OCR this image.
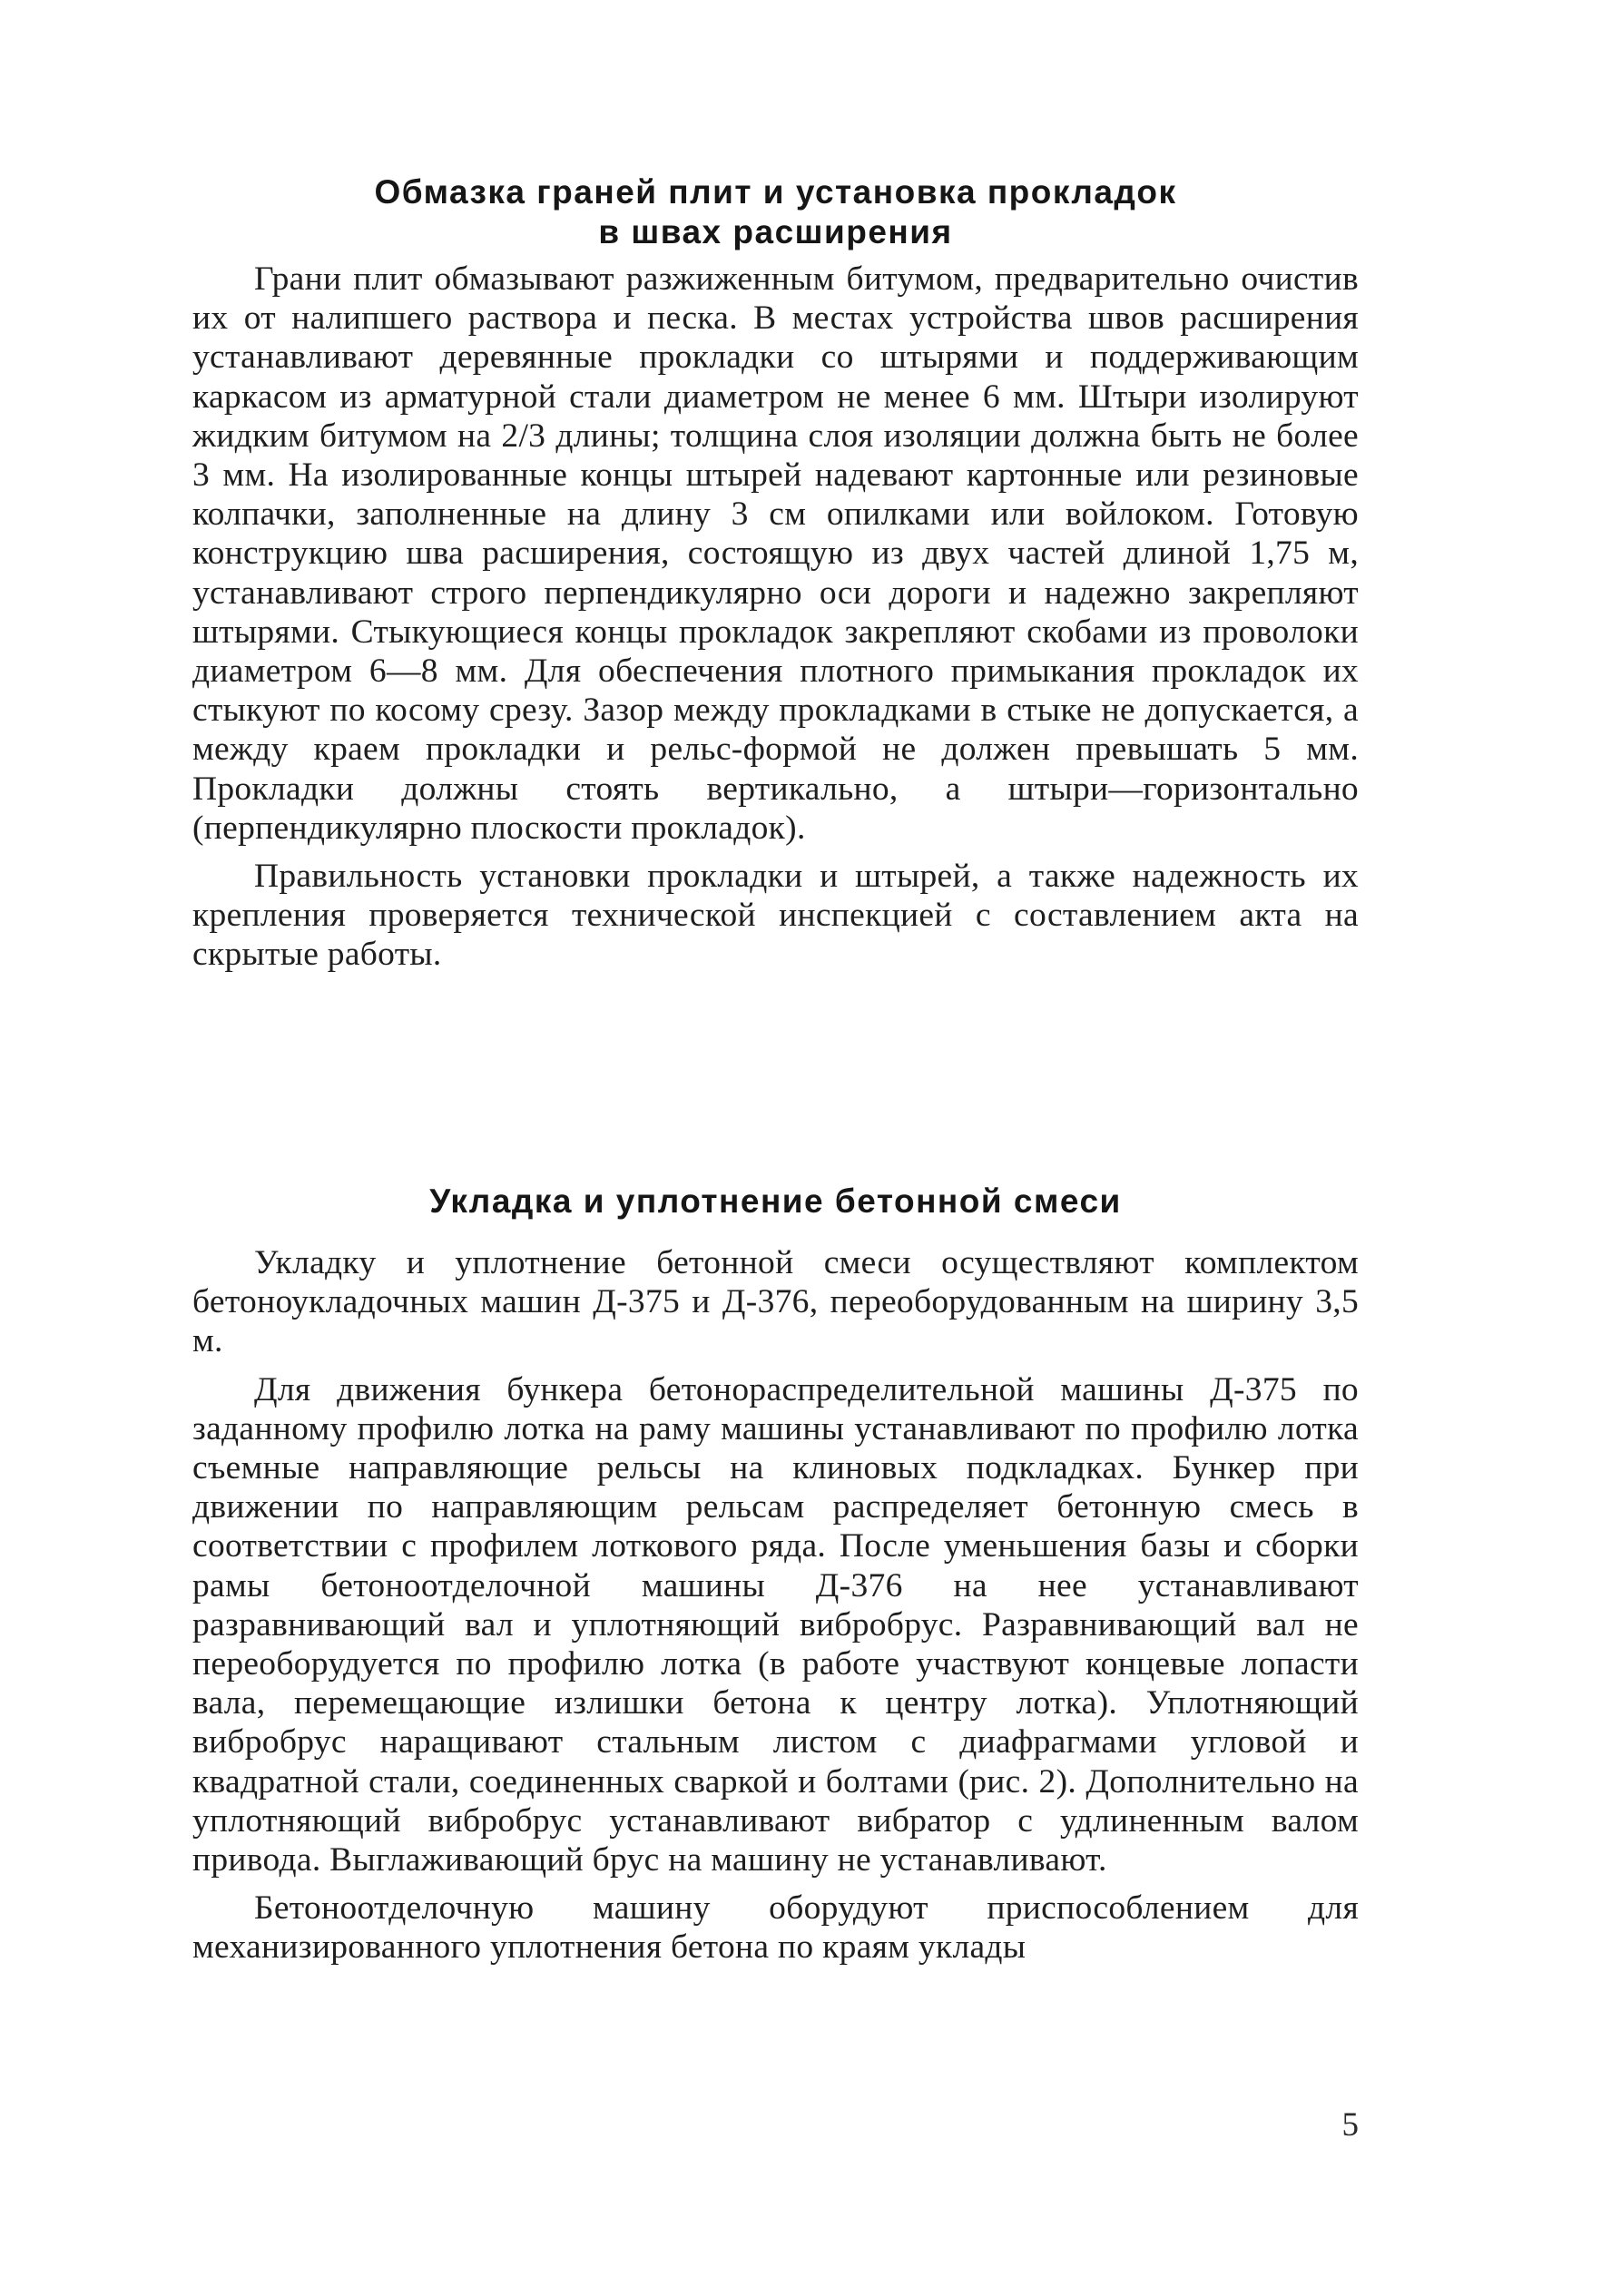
Обмазка граней плит и установка прокладок
в швах расширения

Грани плит обмазывают разжиженным битумом, предварительно очистив их от налипшего раствора и песка. В местах устройства швов расширения устанавливают деревянные прокладки со штырями и поддерживающим каркасом из арматурной стали диаметром не менее 6 мм. Штыри изолируют жидким битумом на 2/3 длины; толщина слоя изоляции должна быть не более 3 мм. На изолированные концы штырей надевают картонные или резиновые колпачки, заполненные на длину 3 см опилками или войлоком. Готовую конструкцию шва расширения, состоящую из двух частей длиной 1,75 м, устанавливают строго перпендикулярно оси дороги и надежно закрепляют штырями. Стыкующиеся концы прокладок закрепляют скобами из проволоки диаметром 6—8 мм. Для обеспечения плотного примыкания прокладок их стыкуют по косому срезу. Зазор между прокладками в стыке не допускается, а между краем прокладки и рельс-формой не должен превышать 5 мм. Прокладки должны стоять вертикально, а штыри—горизонтально (перпендикулярно плоскости прокладок).

Правильность установки прокладки и штырей, а также надежность их крепления проверяется технической инспекцией с составлением акта на скрытые работы.

Укладка и уплотнение бетонной смеси

Укладку и уплотнение бетонной смеси осуществляют комплектом бетоноукладочных машин Д-375 и Д-376, переоборудованным на ширину 3,5 м.

Для движения бункера бетонораспределительной машины Д-375 по заданному профилю лотка на раму машины устанавливают по профилю лотка съемные направляющие рельсы на клиновых подкладках. Бункер при движении по направляющим рельсам распределяет бетонную смесь в соответствии с профилем лоткового ряда. После уменьшения базы и сборки рамы бетоноотделочной машины Д-376 на нее устанавливают разравнивающий вал и уплотняющий вибробрус. Разравнивающий вал не переоборудуется по профилю лотка (в работе участвуют концевые лопасти вала, перемещающие излишки бетона к центру лотка). Уплотняющий вибробрус наращивают стальным листом с диафрагмами угловой и квадратной стали, соединенных сваркой и болтами (рис. 2). Дополнительно на уплотняющий вибробрус устанавливают вибратор с удлиненным валом привода. Выглаживающий брус на машину не устанавливают.

Бетоноотделочную машину оборудуют приспособлением для механизированного уплотнения бетона по краям уклады

5
